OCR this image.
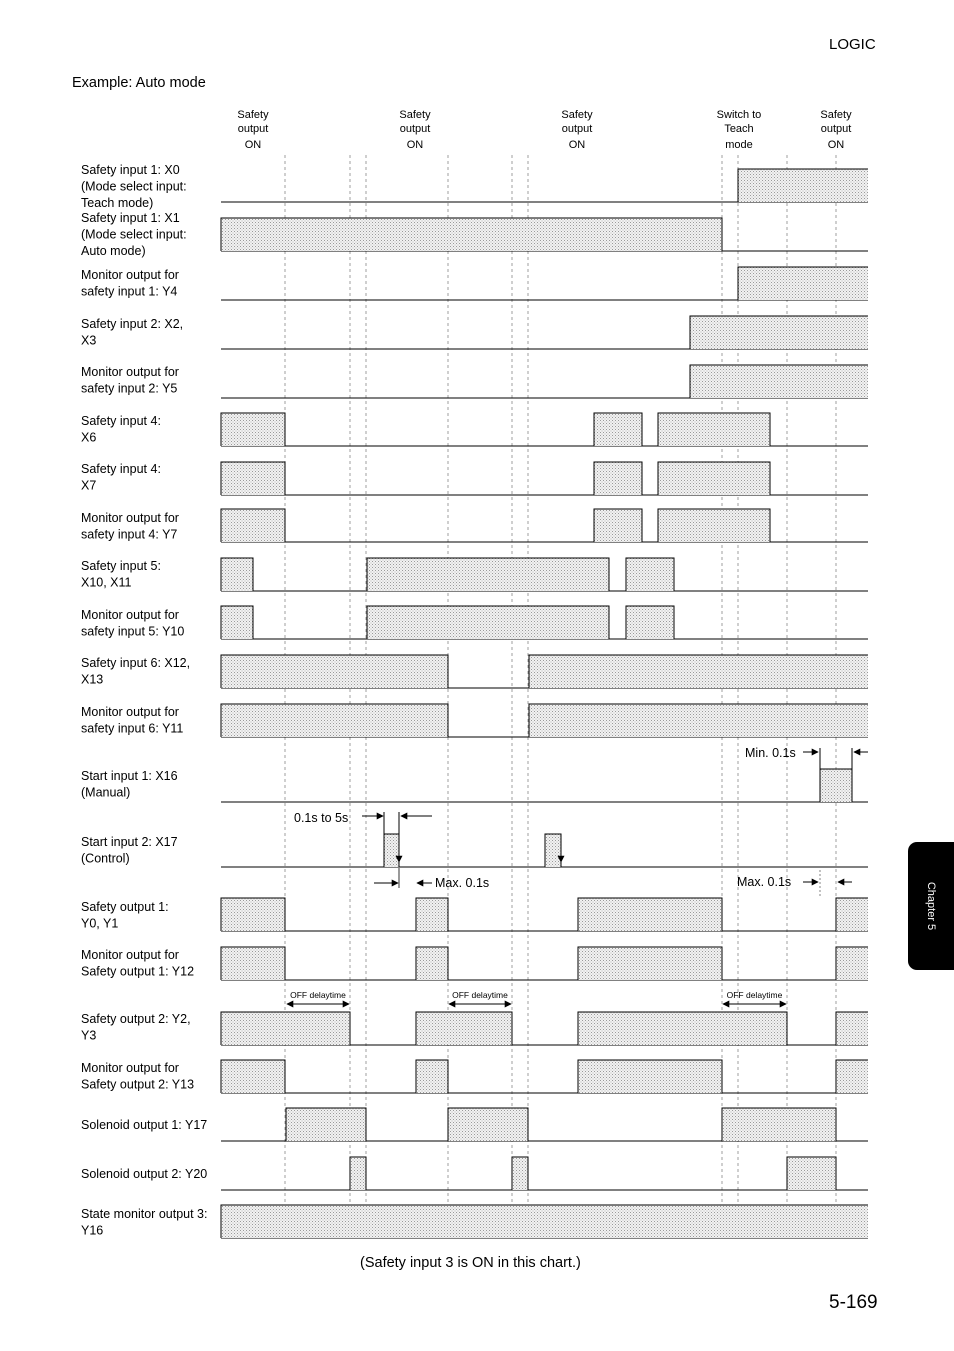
LOGIC
Example: Auto mode
Safety
output
ON
Safety
output
ON
Safety
output
ON
Switch to
Teach
mode
Safety
output
ON
Safety input 1: X0
(Mode select input:
Teach mode)
Safety input 1: X1
(Mode select input:
Auto mode)
Monitor output for
safety input 1: Y4
Safety input 2: X2,
X3
Monitor output for
safety input 2: Y5
Safety input 4:
X6
Safety input 4:
X7
Monitor output for
safety input 4: Y7
Safety input 5:
X10, X11
Monitor output for
safety input 5: Y10
Safety input 6: X12,
X13
Monitor output for
safety input 6: Y11
Start input 1: X16
(Manual)
Start input 2: X17
(Control)
Safety output 1:
Y0, Y1
Monitor output for
Safety output 1: Y12
Safety output 2: Y2,
Y3
Monitor output for
Safety output 2: Y13
Solenoid output 1: Y17
Solenoid output 2: Y20
State monitor output 3:
Y16
0.1s to 5s
Max. 0.1s	Max. 0.1s
Min. 0.1s
OFF delaytime	OFF delaytime	OFF delaytime
(Safety input 3 is ON in this chart.)
5-169
Chapter 5
